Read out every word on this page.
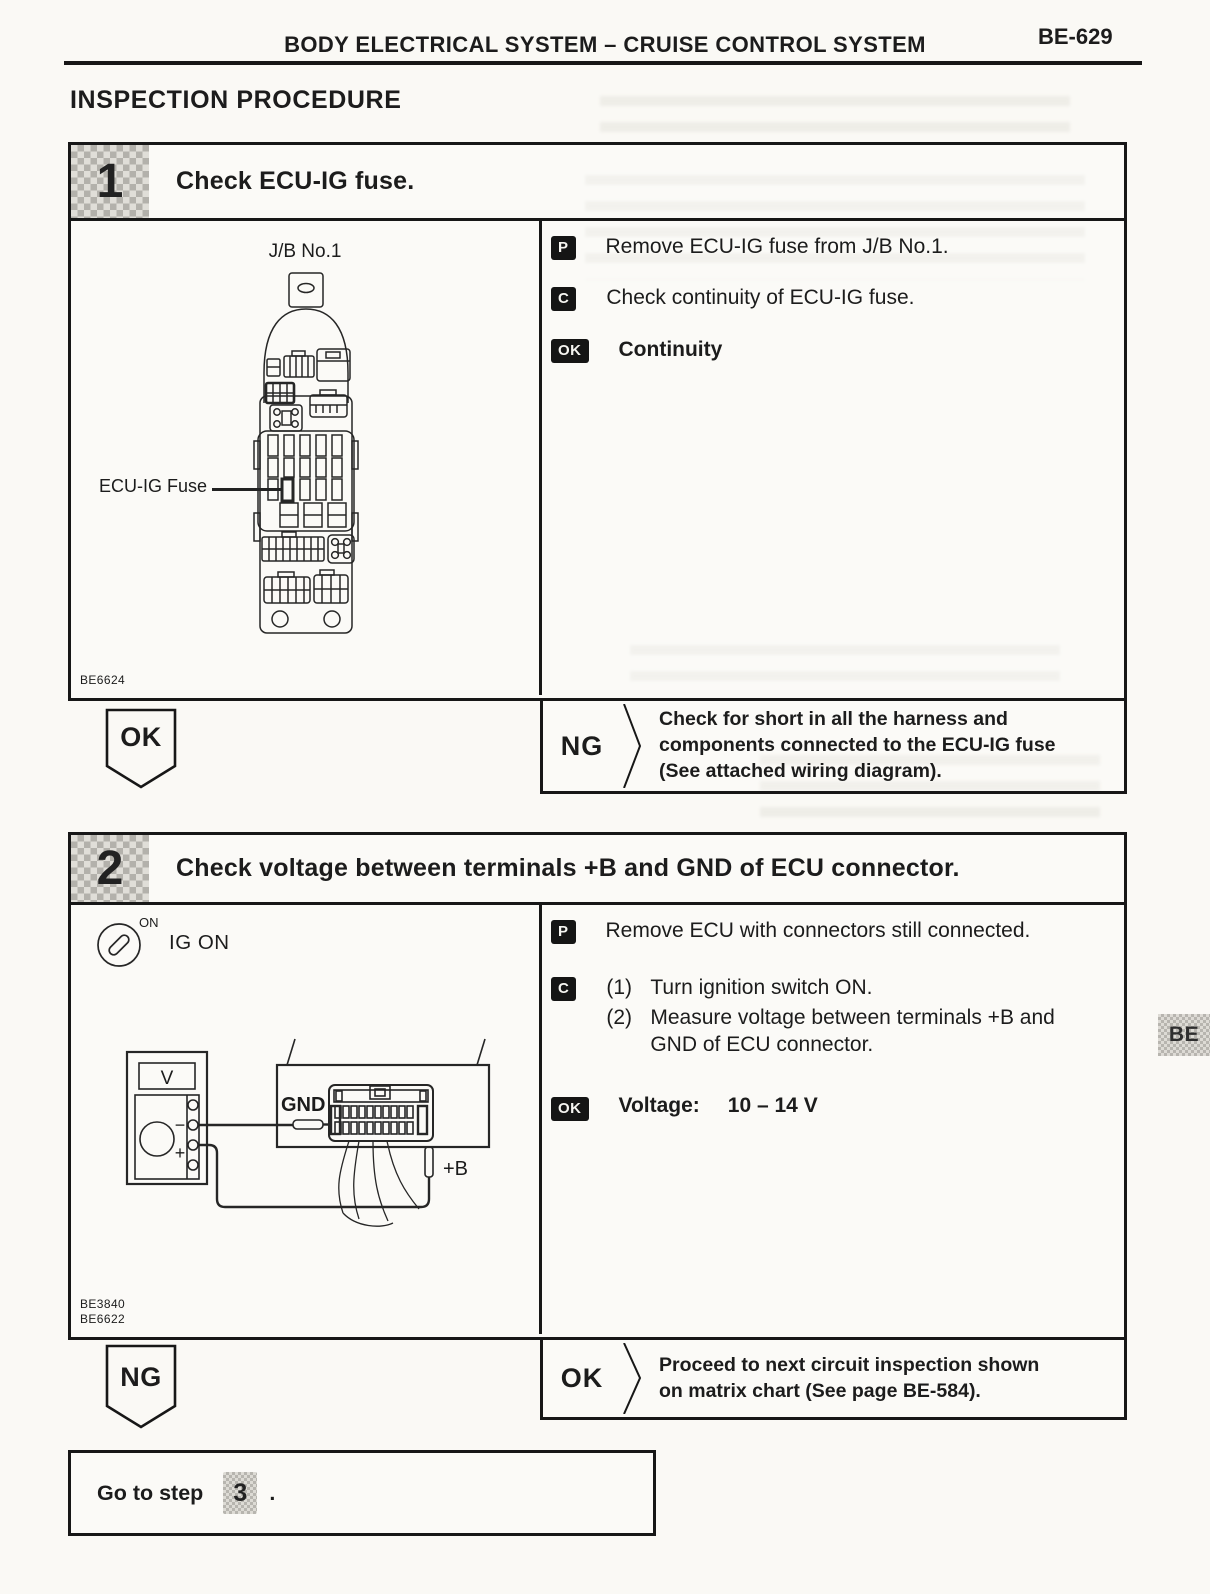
BODY ELECTRICAL SYSTEM – CRUISE CONTROL SYSTEM	BE-629
INSPECTION PROCEDURE
1	Check ECU-IG fuse.
J/B No.1
ECU-IG Fuse
BE6624
P	Remove ECU-IG fuse from J/B No.1.
C	Check continuity of ECU-IG fuse.
OK	Continuity
OK	NG
Check for short in all the harness and
components connected to the ECU-IG fuse
(See attached wiring diagram).
2	Check voltage between terminals +B and GND of ECU connector.
ON
IG ON
V
−
+
GND
+B
BE3840
BE6622
P	Remove ECU with connectors still connected.
C	(1) Turn ignition switch ON.
(2) Measure voltage between terminals +B and GND of ECU connector.
OK	Voltage: 10 – 14 V
OK	Proceed to next circuit inspection shown
on matrix chart (See page BE-584).
NG
Go to step	3	.
BE
